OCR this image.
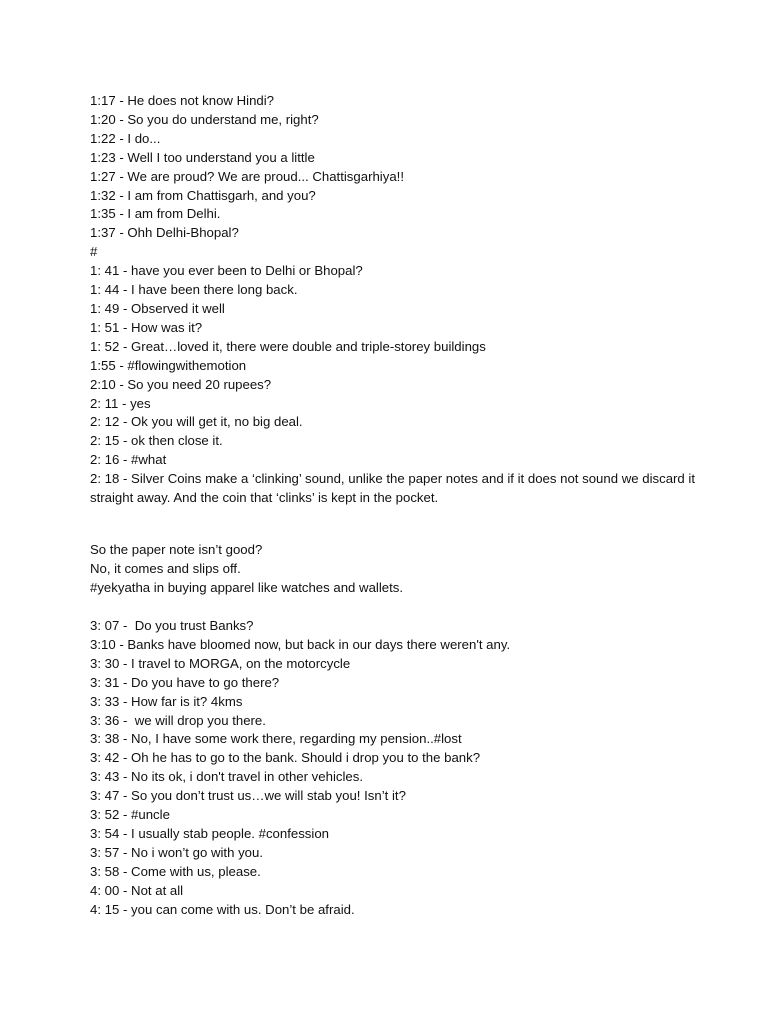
1:17 - He does not know Hindi?

1:20 - So you do understand me, right?

1:22 - I do...

1:23 - Well I too understand you a little

1:27 - We are proud? We are proud... Chattisgarhiya!!

1:32 - I am from Chattisgarh, and you?

1:35 - I am from Delhi.

1:37 - Ohh Delhi-Bhopal?

#

1: 41 - have you ever been to Delhi or Bhopal?

1: 44 - I have been there long back.

1: 49 - Observed it well

1: 51 - How was it?

1: 52 - Great…loved it, there were double and triple-storey buildings

1:55 - #flowingwithemotion

2:10 - So you need 20 rupees?

2: 11 - yes

2: 12 - Ok you will get it, no big deal.

2: 15 - ok then close it.

2: 16 - #what

2: 18 - Silver Coins make a ‘clinking’ sound, unlike the paper notes and if it does not sound we discard it straight away. And the coin that ‘clinks’ is kept in the pocket.

So the paper note isn’t good?

No, it comes and slips off.

#yekyatha in buying apparel like watches and wallets.

3: 07 -  Do you trust Banks?

3:10 - Banks have bloomed now, but back in our days there weren't any.

3: 30 - I travel to MORGA, on the motorcycle

3: 31 - Do you have to go there?

3: 33 - How far is it? 4kms

3: 36 -  we will drop you there.

3: 38 - No, I have some work there, regarding my pension..#lost

3: 42 - Oh he has to go to the bank. Should i drop you to the bank?

3: 43 - No its ok, i don't travel in other vehicles.

3: 47 - So you don’t trust us…we will stab you! Isn’t it?

3: 52 - #uncle

3: 54 - I usually stab people. #confession

3: 57 - No i won’t go with you.

3: 58 - Come with us, please.

4: 00 - Not at all

4: 15 - you can come with us. Don’t be afraid.
